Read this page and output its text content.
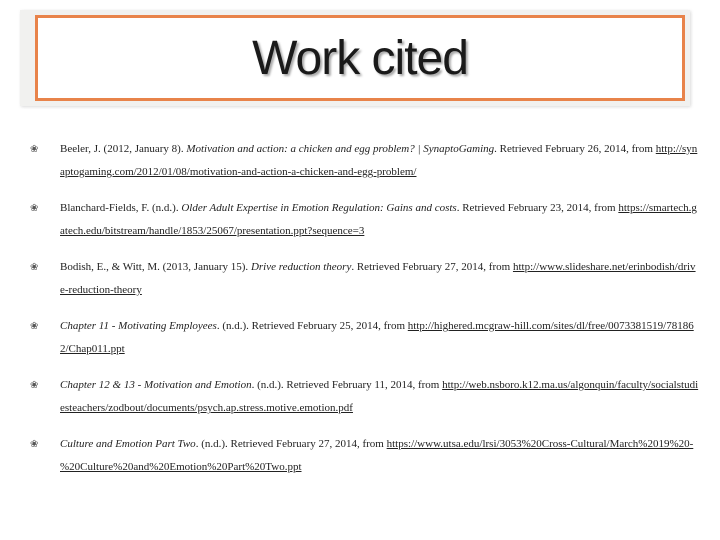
Work cited
❀ Beeler, J. (2012, January 8). Motivation and action: a chicken and egg problem? | SynaptoGaming. Retrieved February 26, 2014, from http://synaptogaming.com/2012/01/08/motivation-and-action-a-chicken-and-egg-problem/
❀ Blanchard-Fields, F. (n.d.). Older Adult Expertise in Emotion Regulation: Gains and costs. Retrieved February 23, 2014, from https://smartech.gatech.edu/bitstream/handle/1853/25067/presentation.ppt?sequence=3
❀ Bodish, E., & Witt, M. (2013, January 15). Drive reduction theory. Retrieved February 27, 2014, from http://www.slideshare.net/erinbodish/drive-reduction-theory
❀ Chapter 11 - Motivating Employees. (n.d.). Retrieved February 25, 2014, from http://highered.mcgraw-hill.com/sites/dl/free/0073381519/781862/Chap011.ppt
❀ Chapter 12 & 13 - Motivation and Emotion. (n.d.). Retrieved February 11, 2014, from http://web.nsboro.k12.ma.us/algonquin/faculty/socialstudiesteachers/zodbout/documents/psych.ap.stress.motive.emotion.pdf
❀ Culture and Emotion Part Two. (n.d.). Retrieved February 27, 2014, from https://www.utsa.edu/lrsi/3053%20Cross-Cultural/March%2019%20-%20Culture%20and%20Emotion%20Part%20Two.ppt
